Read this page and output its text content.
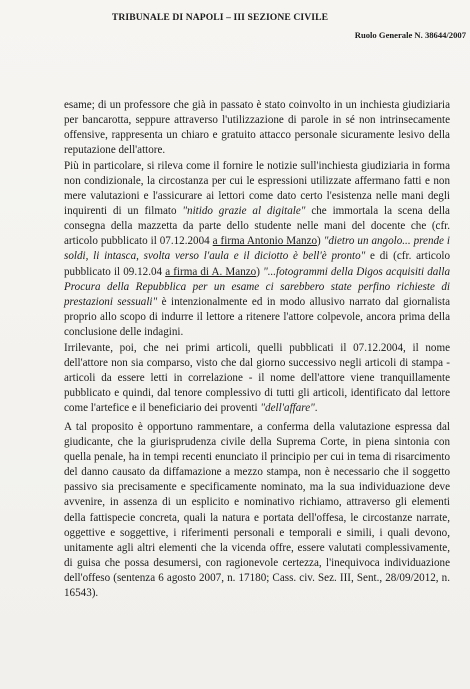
TRIBUNALE DI NAPOLI – III SEZIONE CIVILE
Ruolo Generale N. 38644/2007

esame; di un professore che già in passato è stato coinvolto in un inchiesta giudiziaria per bancarotta, seppure attraverso l'utilizzazione di parole in sé non intrinsecamente offensive, rappresenta un chiaro e gratuito attacco personale sicuramente lesivo della reputazione dell'attore.

Più in particolare, si rileva come il fornire le notizie sull'inchiesta giudiziaria in forma non condizionale, la circostanza per cui le espressioni utilizzate affermano fatti e non mere valutazioni e l'assicurare ai lettori come dato certo l'esistenza nelle mani degli inquirenti di un filmato "nitido grazie al digitale" che immortala la scena della consegna della mazzetta da parte dello studente nelle mani del docente che (cfr. articolo pubblicato il 07.12.2004 a firma Antonio Manzo) "dietro un angolo... prende i soldi, li intasca, svolta verso l'aula e il diciotto è bell'è pronto" e di (cfr. articolo pubblicato il 09.12.04 a firma di A. Manzo) "...fotogrammi della Digos acquisiti dalla Procura della Repubblica per un esame ci sarebbero state perfino richieste di prestazioni sessuali" è intenzionalmente ed in modo allusivo narrato dal giornalista proprio allo scopo di indurre il lettore a ritenere l'attore colpevole, ancora prima della conclusione delle indagini.

Irrilevante, poi, che nei primi articoli, quelli pubblicati il 07.12.2004, il nome dell'attore non sia comparso, visto che dal giorno successivo negli articoli di stampa - articoli da essere letti in correlazione - il nome dell'attore viene tranquillamente pubblicato e quindi, dal tenore complessivo di tutti gli articoli, identificato dal lettore come l'artefice e il beneficiario dei proventi "dell'affare".

A tal proposito è opportuno rammentare, a conferma della valutazione espressa dal giudicante, che la giurisprudenza civile della Suprema Corte, in piena sintonia con quella penale, ha in tempi recenti enunciato il principio per cui in tema di risarcimento del danno causato da diffamazione a mezzo stampa, non è necessario che il soggetto passivo sia precisamente e specificamente nominato, ma la sua individuazione deve avvenire, in assenza di un esplicito e nominativo richiamo, attraverso gli elementi della fattispecie concreta, quali la natura e portata dell'offesa, le circostanze narrate, oggettive e soggettive, i riferimenti personali e temporali e simili, i quali devono, unitamente agli altri elementi che la vicenda offre, essere valutati complessivamente, di guisa che possa desumersi, con ragionevole certezza, l'inequivoca individuazione dell'offeso (sentenza 6 agosto 2007, n. 17180; Cass. civ. Sez. III, Sent., 28/09/2012, n. 16543).
